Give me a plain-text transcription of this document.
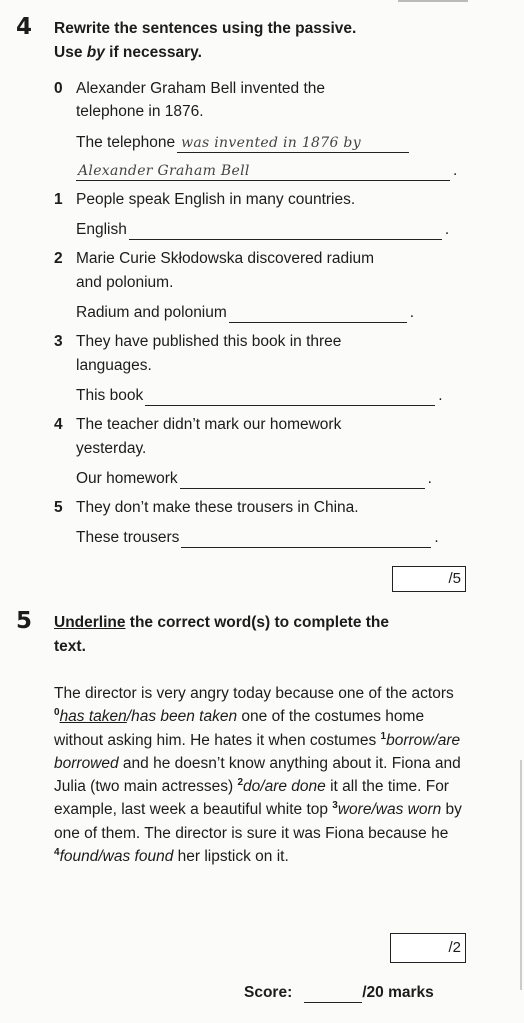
4 Rewrite the sentences using the passive.
Use by if necessary.
0 Alexander Graham Bell invented the
telephone in 1876.
The telephone was invented in 1876 by
Alexander Graham Bell	.
1 People speak English in many countries.
English	.
2 Marie Curie Skłodowska discovered radium
and polonium.
Radium and polonium	.
3 They have published this book in three
languages.
This book	.
4 The teacher didn’t mark our homework
yesterday.
Our homework	.
5 They don’t make these trousers in China.
These trousers	.
/5
5 Underline the correct word(s) to complete the
text.
The director is very angry today because one of the actors $^0$has taken/has been taken one of the costumes home without asking him. He hates it when costumes $^1$borrow/are borrowed and he doesn’t know anything about it. Fiona and Julia (two main actresses) $^2$do/are done it all the time. For example, last week a beautiful white top $^3$wore/was worn by one of them. The director is sure it was Fiona because he $^4$found/was found her lipstick on it.
/2
Score:	/20 marks
